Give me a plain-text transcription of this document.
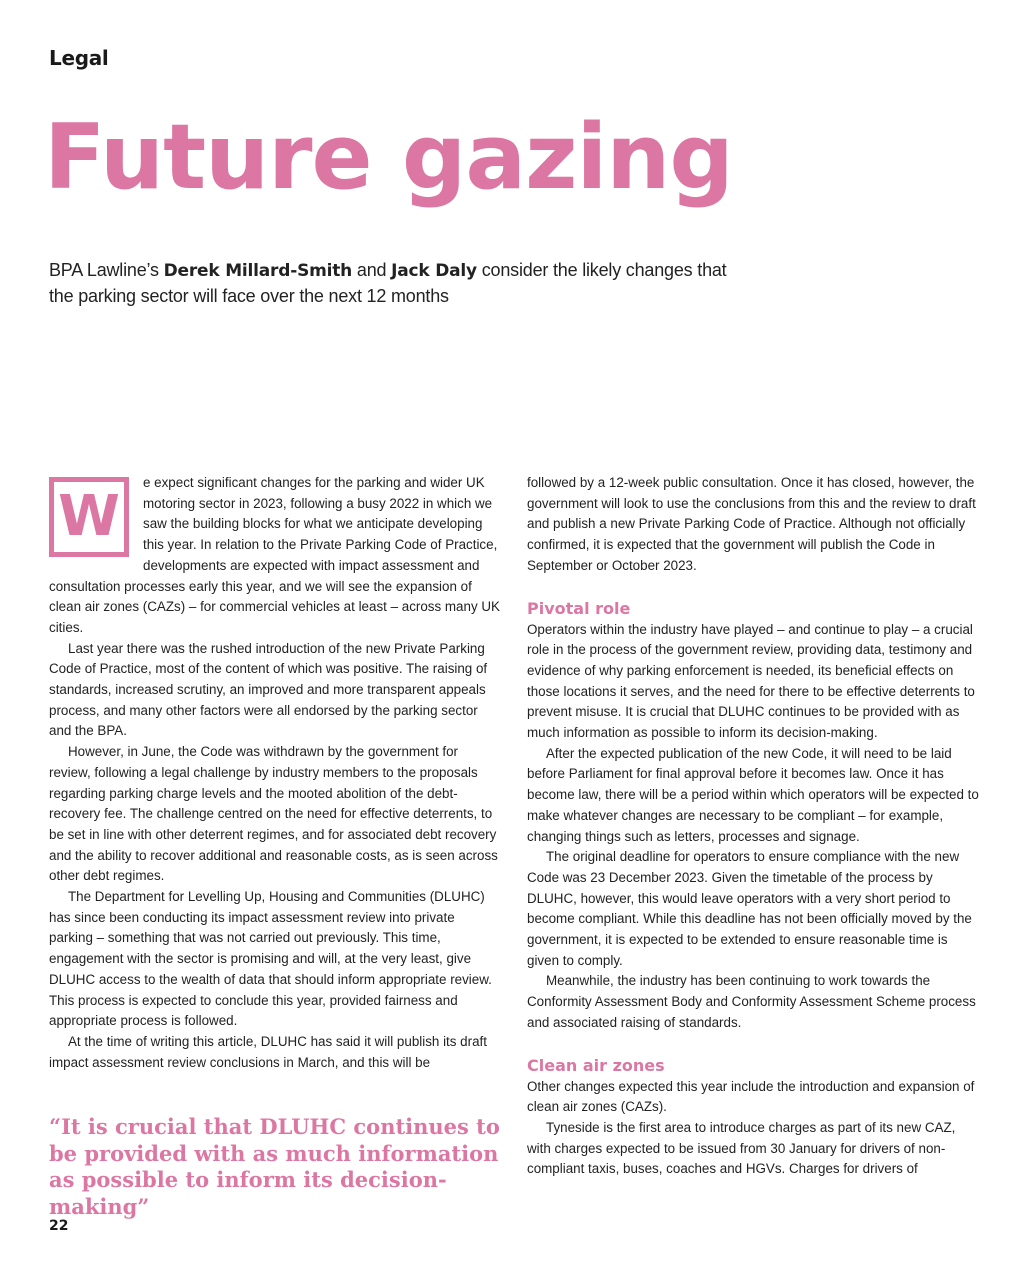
Legal
Future gazing

BPA Lawline’s Derek Millard-Smith and Jack Daly consider the likely changes that the parking sector will face over the next 12 months

W

e expect significant changes for the parking and wider UK motoring sector in 2023, following a busy 2022 in which we saw the building blocks for what we anticipate developing this year. In relation to the Private Parking Code of Practice, developments are expected with impact assessment and consultation processes early this year, and we will see the expansion of clean air zones (CAZs) – for commercial vehicles at least – across many UK cities.

Last year there was the rushed introduction of the new Private Parking Code of Practice, most of the content of which was positive. The raising of standards, increased scrutiny, an improved and more transparent appeals process, and many other factors were all endorsed by the parking sector and the BPA.

However, in June, the Code was withdrawn by the government for review, following a legal challenge by industry members to the proposals regarding parking charge levels and the mooted abolition of the debt-recovery fee. The challenge centred on the need for effective deterrents, to be set in line with other deterrent regimes, and for associated debt recovery and the ability to recover additional and reasonable costs, as is seen across other debt regimes.

The Department for Levelling Up, Housing and Communities (DLUHC) has since been conducting its impact assessment review into private parking – something that was not carried out previously. This time, engagement with the sector is promising and will, at the very least, give DLUHC access to the wealth of data that should inform appropriate review. This process is expected to conclude this year, provided fairness and appropriate process is followed.

At the time of writing this article, DLUHC has said it will publish its draft impact assessment review conclusions in March, and this will be

“It is crucial that DLUHC continues to be provided with as much information as possible to inform its decision-making”

followed by a 12-week public consultation. Once it has closed, however, the government will look to use the conclusions from this and the review to draft and publish a new Private Parking Code of Practice. Although not officially confirmed, it is expected that the government will publish the Code in September or October 2023.

Pivotal role

Operators within the industry have played – and continue to play – a crucial role in the process of the government review, providing data, testimony and evidence of why parking enforcement is needed, its beneficial effects on those locations it serves, and the need for there to be effective deterrents to prevent misuse. It is crucial that DLUHC continues to be provided with as much information as possible to inform its decision-making.

After the expected publication of the new Code, it will need to be laid before Parliament for final approval before it becomes law. Once it has become law, there will be a period within which operators will be expected to make whatever changes are necessary to be compliant – for example, changing things such as letters, processes and signage.

The original deadline for operators to ensure compliance with the new Code was 23 December 2023. Given the timetable of the process by DLUHC, however, this would leave operators with a very short period to become compliant. While this deadline has not been officially moved by the government, it is expected to be extended to ensure reasonable time is given to comply.

Meanwhile, the industry has been continuing to work towards the Conformity Assessment Body and Conformity Assessment Scheme process and associated raising of standards.

Clean air zones

Other changes expected this year include the introduction and expansion of clean air zones (CAZs).

Tyneside is the first area to introduce charges as part of its new CAZ, with charges expected to be issued from 30 January for drivers of non-compliant taxis, buses, coaches and HGVs. Charges for drivers of

22
